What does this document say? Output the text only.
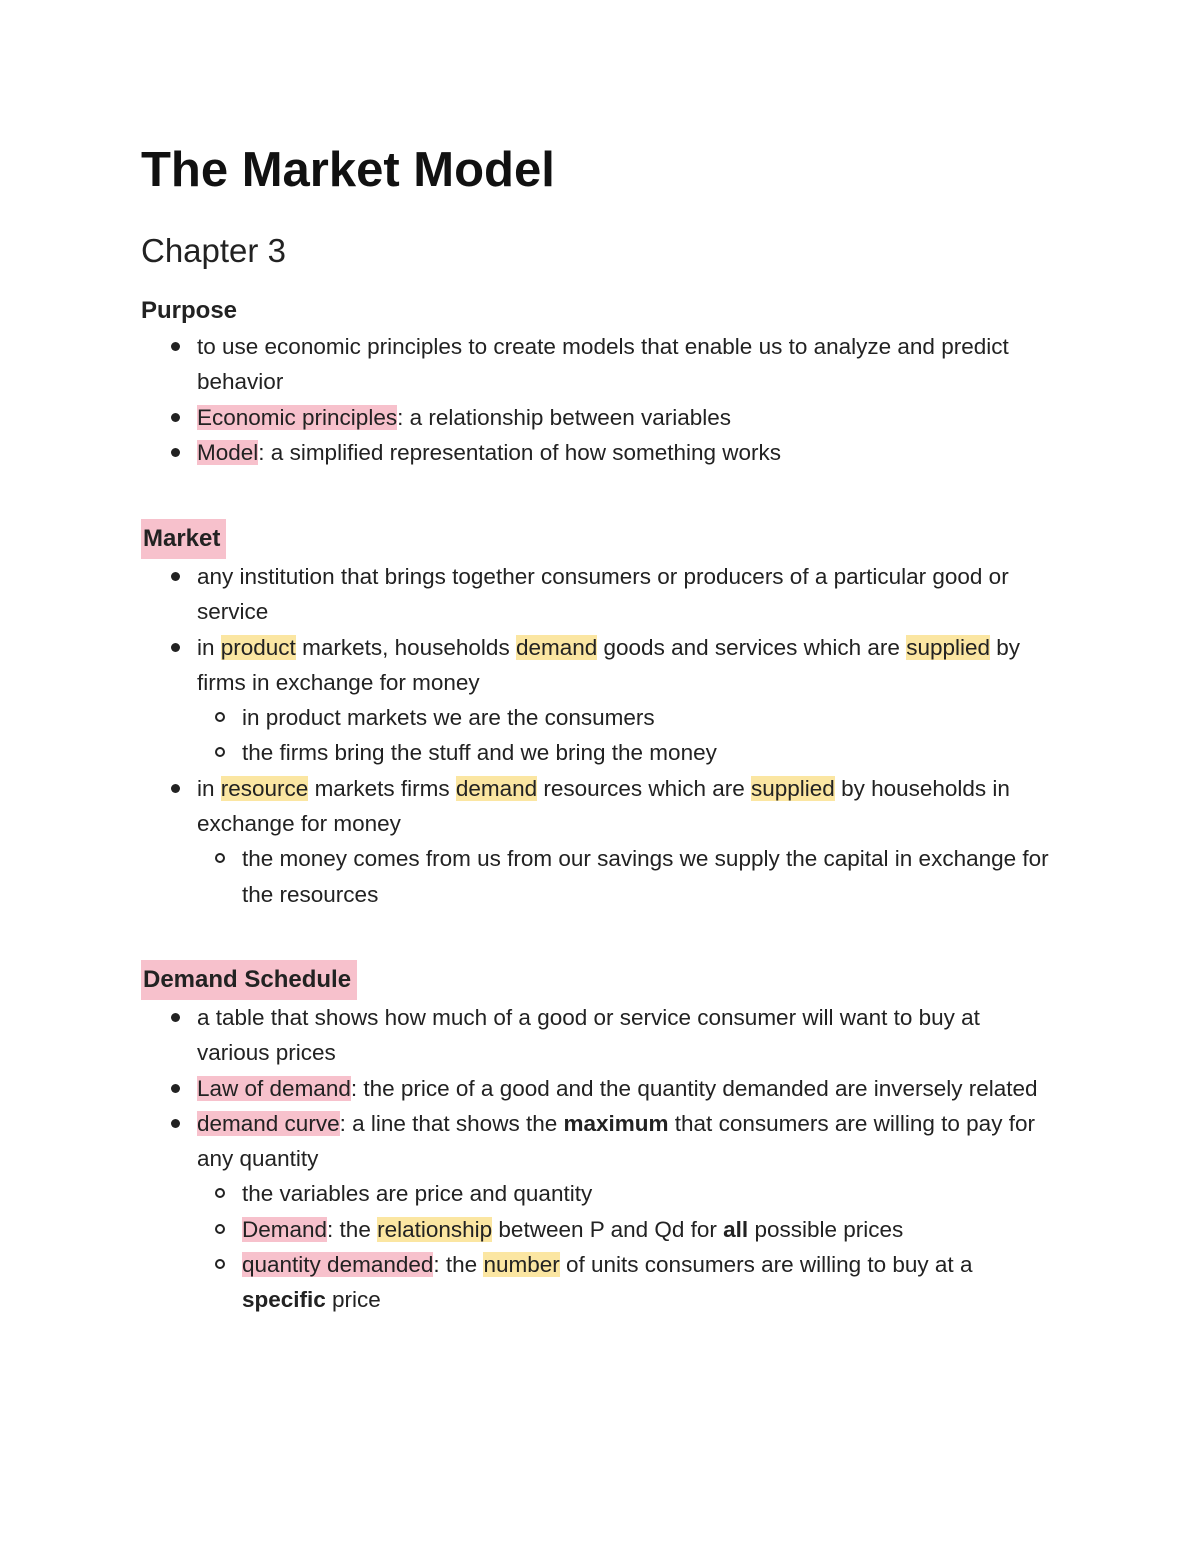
The Market Model
Chapter 3
Purpose
to use economic principles to create models that enable us to analyze and predict behavior
Economic principles: a relationship between variables
Model: a simplified representation of how something works
Market
any institution that brings together consumers or producers of a particular good or service
in product markets, households demand goods and services which are supplied by firms in exchange for money
in product markets we are the consumers
the firms bring the stuff and we bring the money
in resource markets firms demand resources which are supplied by households in exchange for money
the money comes from us from our savings we supply the capital in exchange for the resources
Demand Schedule
a table that shows how much of a good or service consumer will want to buy at various prices
Law of demand: the price of a good and the quantity demanded are inversely related
demand curve: a line that shows the maximum that consumers are willing to pay for any quantity
the variables are price and quantity
Demand: the relationship between P and Qd for all possible prices
quantity demanded: the number of units consumers are willing to buy at a specific price
